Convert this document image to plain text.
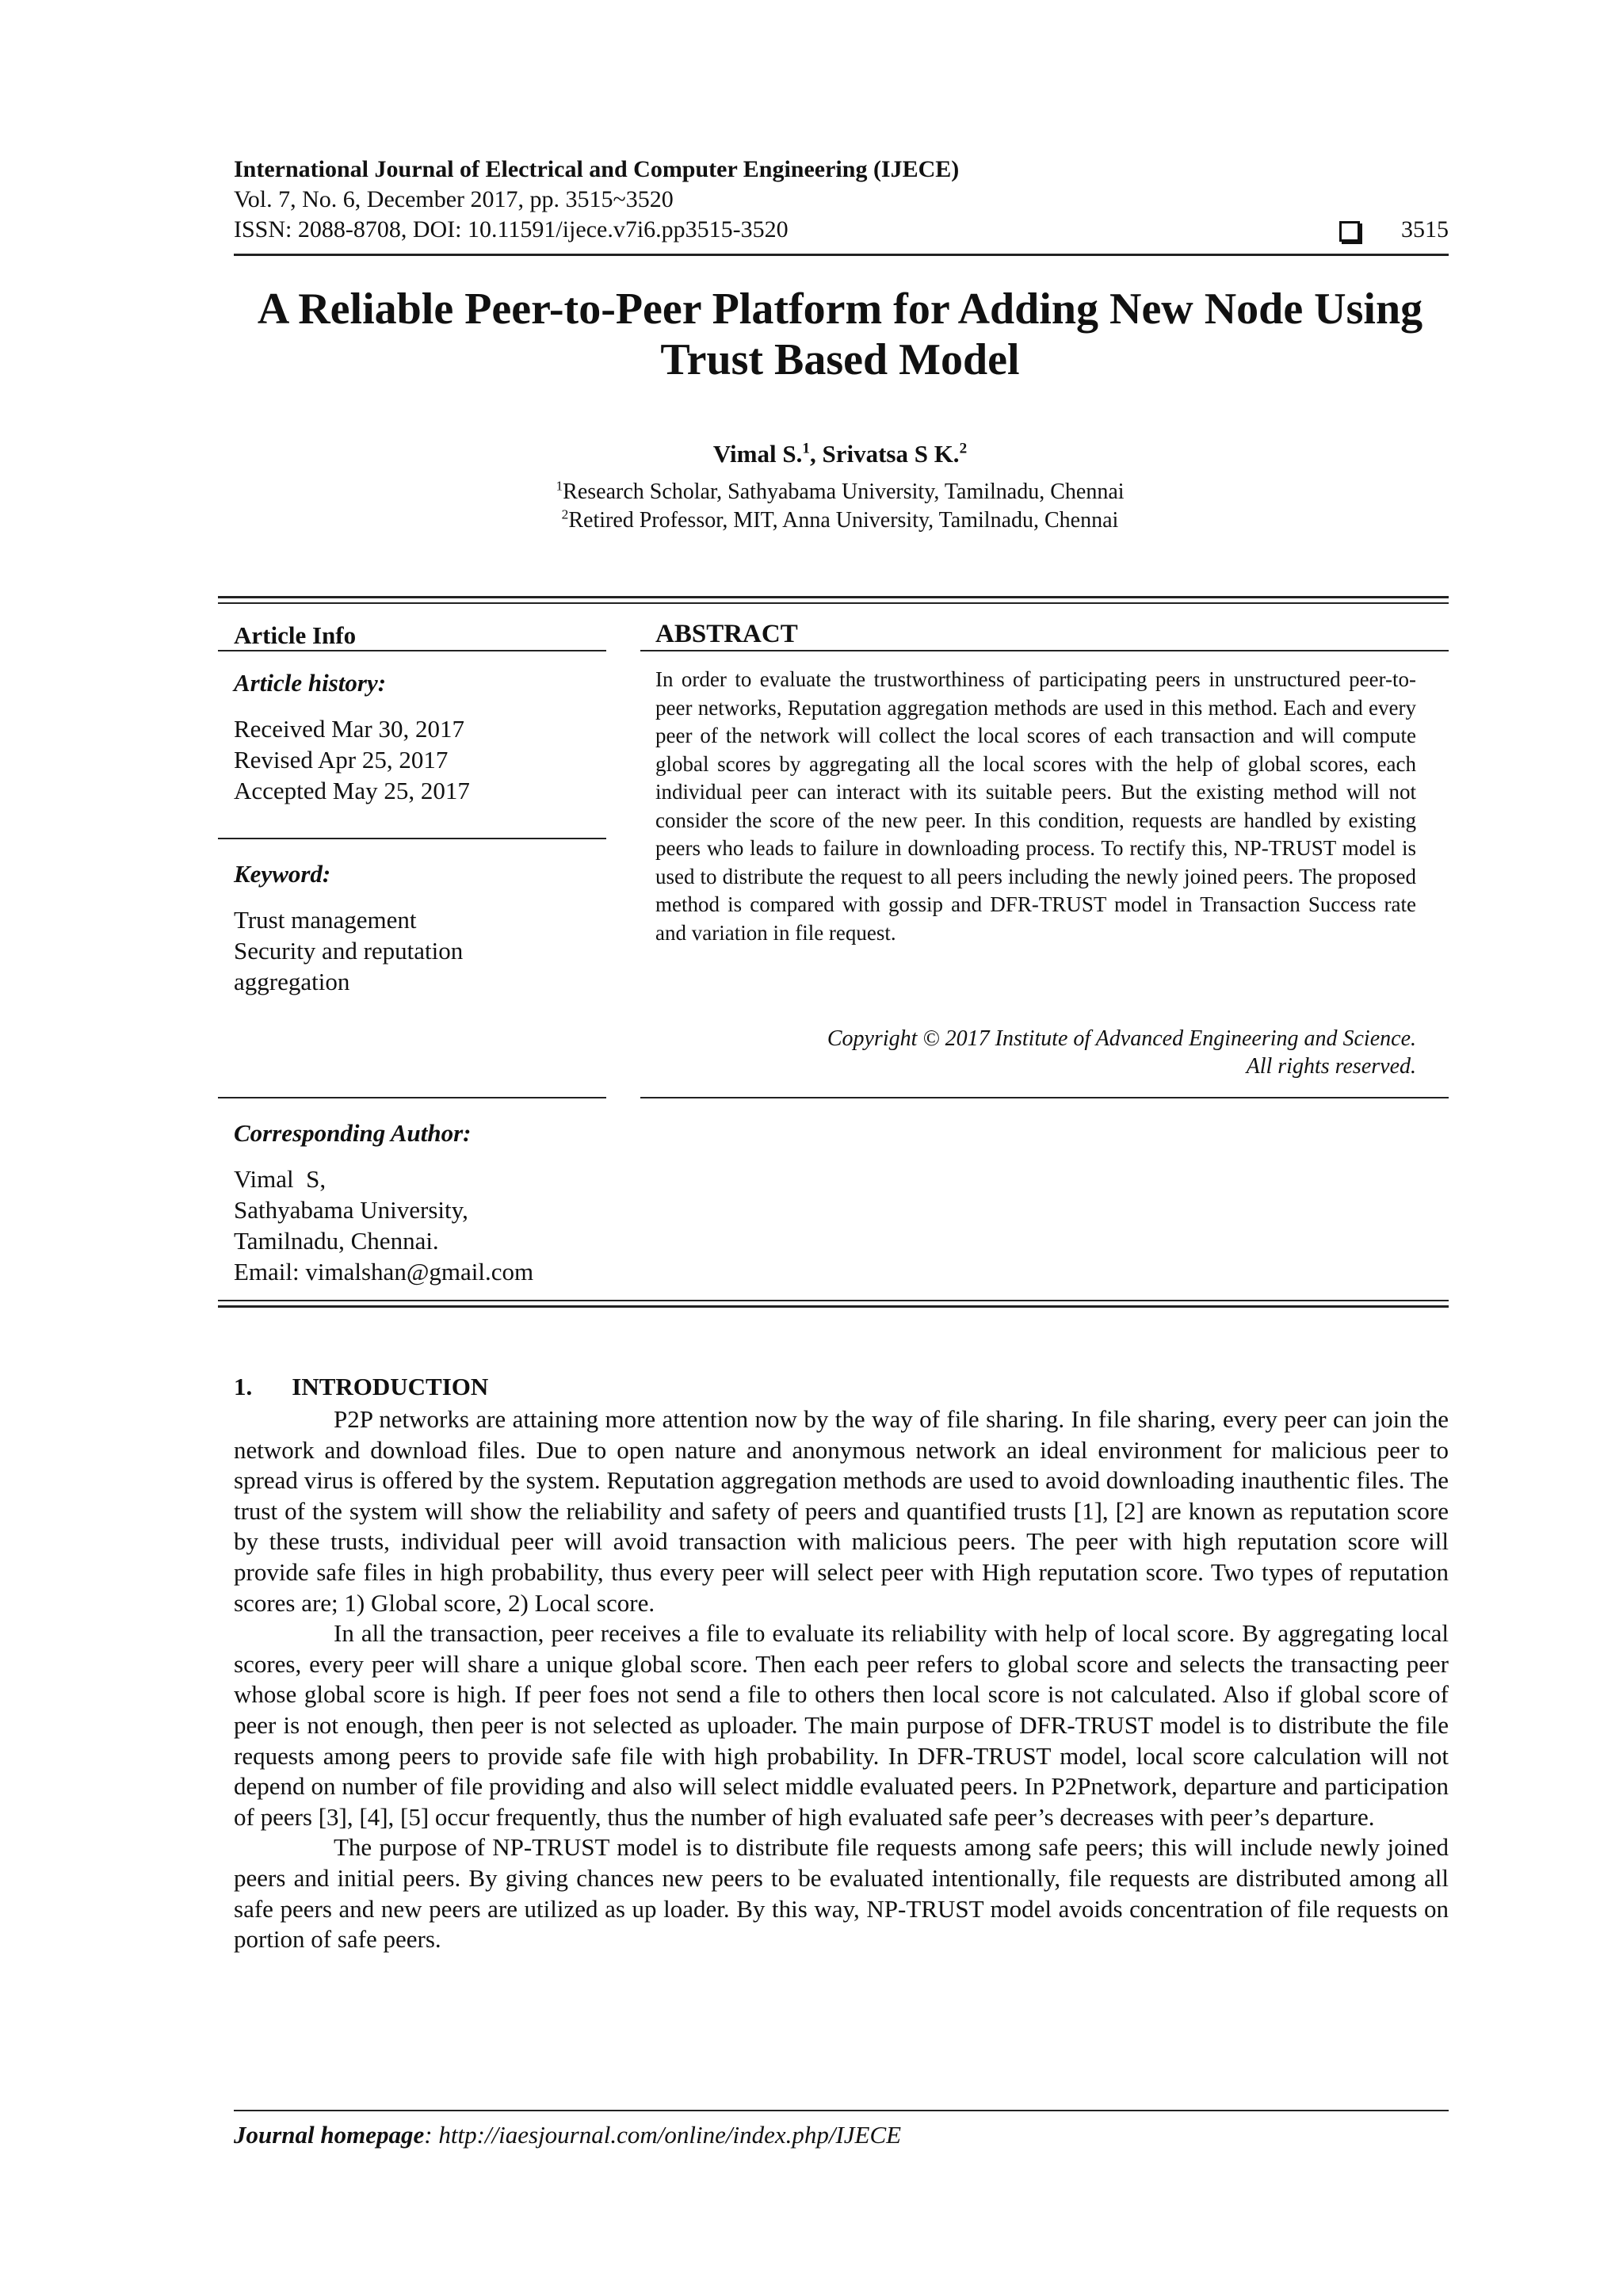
International Journal of Electrical and Computer Engineering (IJECE)
Vol. 7, No. 6, December 2017, pp. 3515~3520
ISSN: 2088-8708, DOI: 10.11591/ijece.v7i6.pp3515-3520	3515
A Reliable Peer-to-Peer Platform for Adding New Node Using
Trust Based Model
Vimal S.$^1$, Srivatsa S K.$^2$
$^1$Research Scholar, Sathyabama University, Tamilnadu, Chennai
$^2$Retired Professor, MIT, Anna University, Tamilnadu, Chennai
Article Info
Article history:
Received Mar 30, 2017
Revised Apr 25, 2017
Accepted May 25, 2017
Keyword:
Trust management
Security and reputation
aggregation
ABSTRACT
In order to evaluate the trustworthiness of participating peers in unstructured peer-to-peer networks, Reputation aggregation methods are used in this method. Each and every peer of the network will collect the local scores of each transaction and will compute global scores by aggregating all the local scores with the help of global scores, each individual peer can interact with its suitable peers. But the existing method will not consider the score of the new peer. In this condition, requests are handled by existing peers who leads to failure in downloading process. To rectify this, NP-TRUST model is used to distribute the request to all peers including the newly joined peers. The proposed method is compared with gossip and DFR-TRUST model in Transaction Success rate and variation in file request.
Copyright © 2017 Institute of Advanced Engineering and Science.
All rights reserved.
Corresponding Author:
Vimal  S,
Sathyabama University,
Tamilnadu, Chennai.
Email: vimalshan@gmail.com
1. INTRODUCTION

P2P networks are attaining more attention now by the way of file sharing. In file sharing, every peer can join the network and download files. Due to open nature and anonymous network an ideal environment for malicious peer to spread virus is offered by the system. Reputation aggregation methods are used to avoid downloading inauthentic files. The trust of the system will show the reliability and safety of peers and quantified trusts [1], [2] are known as reputation score by these trusts, individual peer will avoid transaction with malicious peers. The peer with high reputation score will provide safe files in high probability, thus every peer will select peer with High reputation score. Two types of reputation scores are; 1) Global score, 2) Local score.

In all the transaction, peer receives a file to evaluate its reliability with help of local score. By aggregating local scores, every peer will share a unique global score. Then each peer refers to global score and selects the transacting peer whose global score is high. If peer foes not send a file to others then local score is not calculated. Also if global score of peer is not enough, then peer is not selected as uploader. The main purpose of DFR-TRUST model is to distribute the file requests among peers to provide safe file with high probability. In DFR-TRUST model, local score calculation will not depend on number of file providing and also will select middle evaluated peers. In P2Pnetwork, departure and participation of peers [3], [4], [5] occur frequently, thus the number of high evaluated safe peer’s decreases with peer’s departure.

The purpose of NP-TRUST model is to distribute file requests among safe peers; this will include newly joined peers and initial peers. By giving chances new peers to be evaluated intentionally, file requests are distributed among all safe peers and new peers are utilized as up loader. By this way, NP-TRUST model avoids concentration of file requests on portion of safe peers.

Journal homepage: http://iaesjournal.com/online/index.php/IJECE
